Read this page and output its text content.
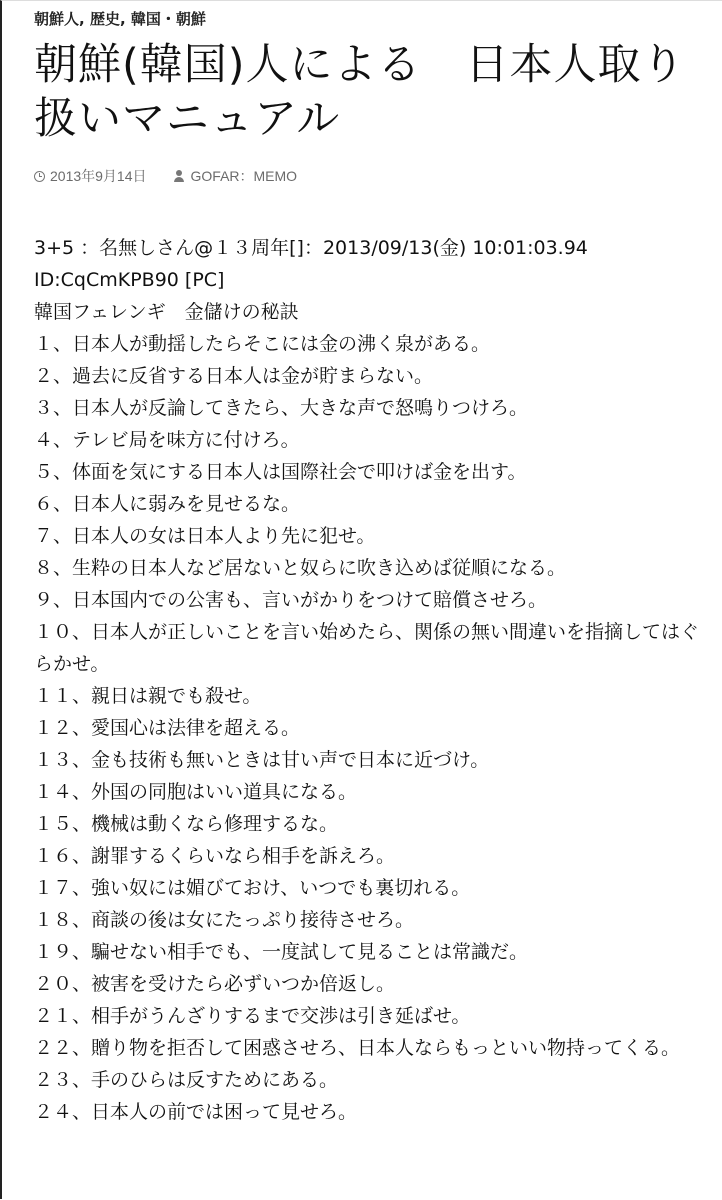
朝鮮人, 歴史, 韓国・朝鮮
朝鮮(韓国)人による　日本人取り扱いマニュアル
2013年9月14日	GOFAR：MEMO

3+5 ：名無しさん@１３周年[]：2013/09/13(金) 10:01:03.94

ID:CqCmKPB90 [PC]

韓国フェレンギ　金儲けの秘訣

１、日本人が動揺したらそこには金の沸く泉がある。

２、過去に反省する日本人は金が貯まらない。

３、日本人が反論してきたら、大きな声で怒鳴りつけろ。

４、テレビ局を味方に付けろ。

５、体面を気にする日本人は国際社会で叩けば金を出す。

６、日本人に弱みを見せるな。

７、日本人の女は日本人より先に犯せ。

８、生粋の日本人など居ないと奴らに吹き込めば従順になる。

９、日本国内での公害も、言いがかりをつけて賠償させろ。

１０、日本人が正しいことを言い始めたら、関係の無い間違いを指摘してはぐらかせ。

１１、親日は親でも殺せ。

１２、愛国心は法律を超える。

１３、金も技術も無いときは甘い声で日本に近づけ。

１４、外国の同胞はいい道具になる。

１５、機械は動くなら修理するな。

１６、謝罪するくらいなら相手を訴えろ。

１７、強い奴には媚びておけ、いつでも裏切れる。

１８、商談の後は女にたっぷり接待させろ。

１９、騙せない相手でも、一度試して見ることは常識だ。

２０、被害を受けたら必ずいつか倍返し。

２１、相手がうんざりするまで交渉は引き延ばせ。

２２、贈り物を拒否して困惑させろ、日本人ならもっといい物持ってくる。

２３、手のひらは反すためにある。

２４、日本人の前では困って見せろ。
